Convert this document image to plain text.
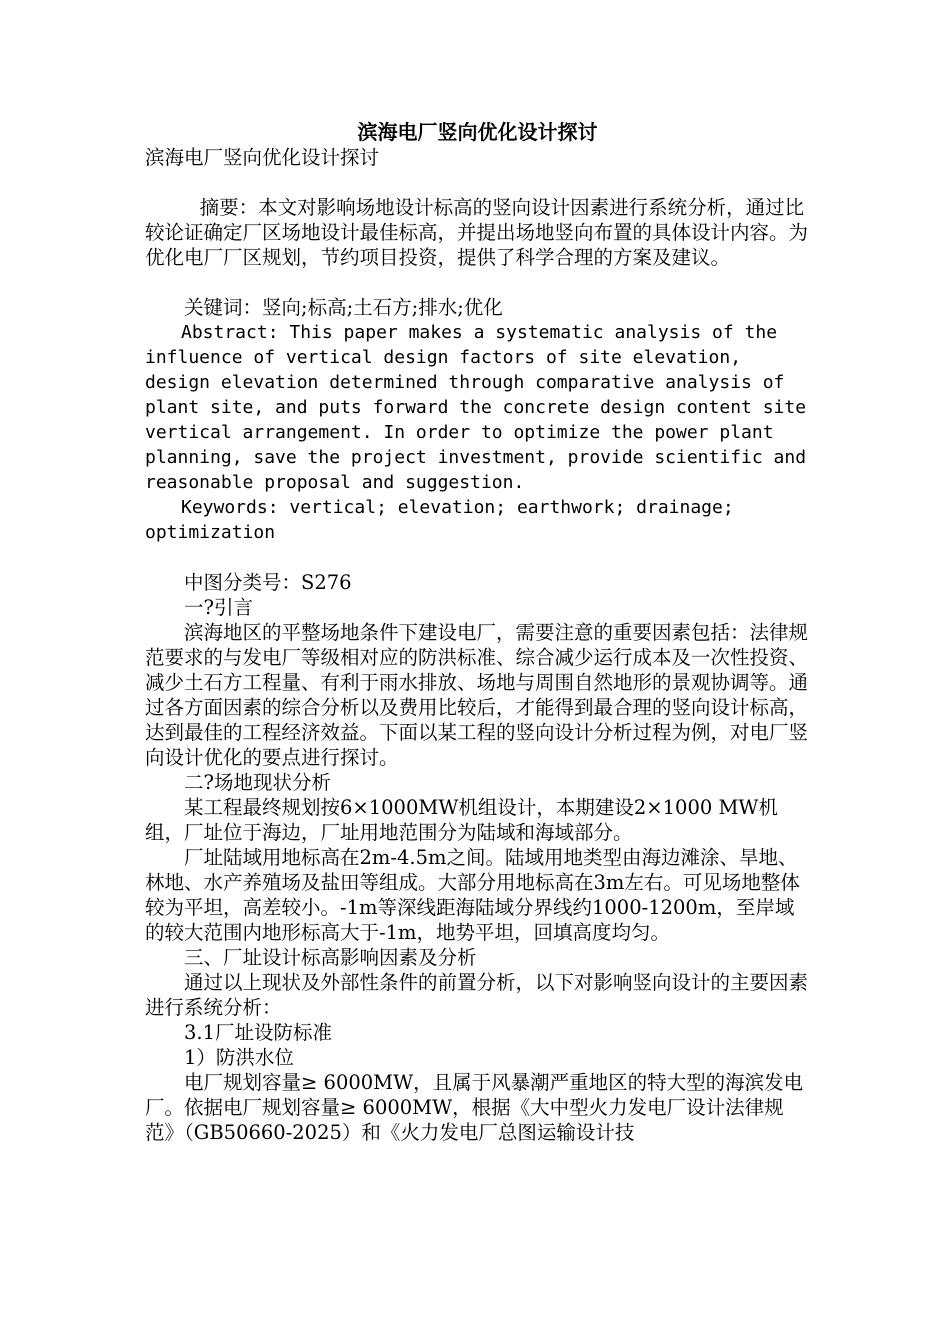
滨海电厂竖向优化设计探讨
滨海电厂竖向优化设计探讨
摘要：本文对影响场地设计标高的竖向设计因素进行系统分析，通过比较论证确定厂区场地设计最佳标高，并提出场地竖向布置的具体设计内容。为优化电厂厂区规划，节约项目投资，提供了科学合理的方案及建议。
关键词：竖向;标高;土石方;排水;优化
Abstract: This paper makes a systematic analysis of the influence of vertical design factors of site elevation, design elevation determined through comparative analysis of plant site, and puts forward the concrete design content site vertical arrangement. In order to optimize the power plant planning, save the project investment, provide scientific and reasonable proposal and suggestion.
Keywords: vertical; elevation; earthwork; drainage; optimization
中图分类号：S276
一?引言
滨海地区的平整场地条件下建设电厂，需要注意的重要因素包括：法律规范要求的与发电厂等级相对应的防洪标准、综合减少运行成本及一次性投资、减少土石方工程量、有利于雨水排放、场地与周围自然地形的景观协调等。通过各方面因素的综合分析以及费用比较后，才能得到最合理的竖向设计标高，达到最佳的工程经济效益。下面以某工程的竖向设计分析过程为例，对电厂竖向设计优化的要点进行探讨。
二?场地现状分析
某工程最终规划按6×1000MW机组设计，本期建设2×1000 MW机组，厂址位于海边，厂址用地范围分为陆域和海域部分。
厂址陆域用地标高在2m-4.5m之间。陆域用地类型由海边滩涂、旱地、林地、水产养殖场及盐田等组成。大部分用地标高在3m左右。可见场地整体较为平坦，高差较小。-1m等深线距海陆域分界线约1000-1200m，至岸域的较大范围内地形标高大于-1m，地势平坦，回填高度均匀。
三、厂址设计标高影响因素及分析
通过以上现状及外部性条件的前置分析，以下对影响竖向设计的主要因素进行系统分析：
3.1厂址设防标准
1）防洪水位
电厂规划容量≥ 6000MW，且属于风暴潮严重地区的特大型的海滨发电厂。依据电厂规划容量≥ 6000MW，根据《大中型火力发电厂设计法律规范》（GB50660-2025）和《火力发电厂总图运输设计技
